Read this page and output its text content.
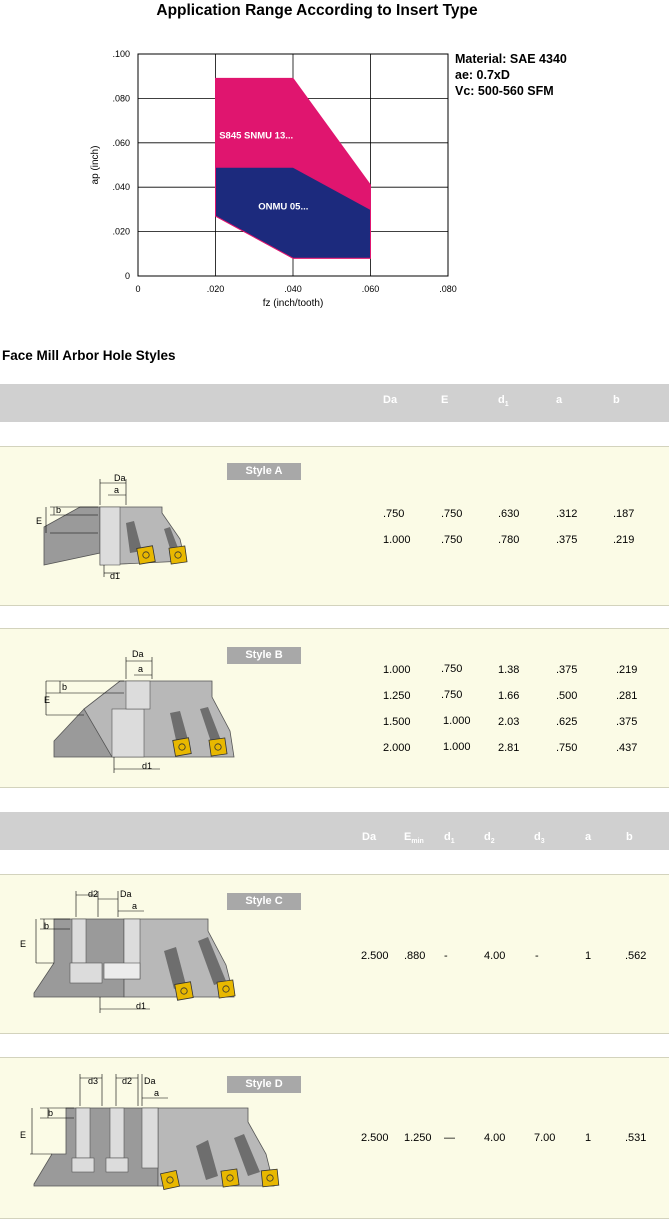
Application Range According to Insert Type
S845 SNMU 13...
ONMU 05...
0	.020	.040	.060	.080
0
.020
.040
.060
.080
.100
fz (inch/tooth)
ap (inch)
Material: SAE 4340
ae: 0.7xD
Vc: 500-560 SFM
Face Mill Arbor Hole Styles
Da	E	$d_1$	a	b
Style A
Da
a
b
E
d1
.750	.750	.630	.312	.187
1.000	.750	.780	.375	.219
Style B
Da
a
b
E
d1
1.000	.750	1.38	.375	.219
1.250	.750	1.66	.500	.281
1.500	1.000 2.03	.625	.375
2.000	1.000 2.81	.750	.437
Da	$E_{min}$ $d_1$	$d_2$	$d_3$	a	b
Style C
d2 Da
a
b
E
d1
2.500 .880 -	4.00	-	1	.562
Style D
d3	d2 Da
a
b
E	2.500 1.250 —	4.00	7.00	1	.531
